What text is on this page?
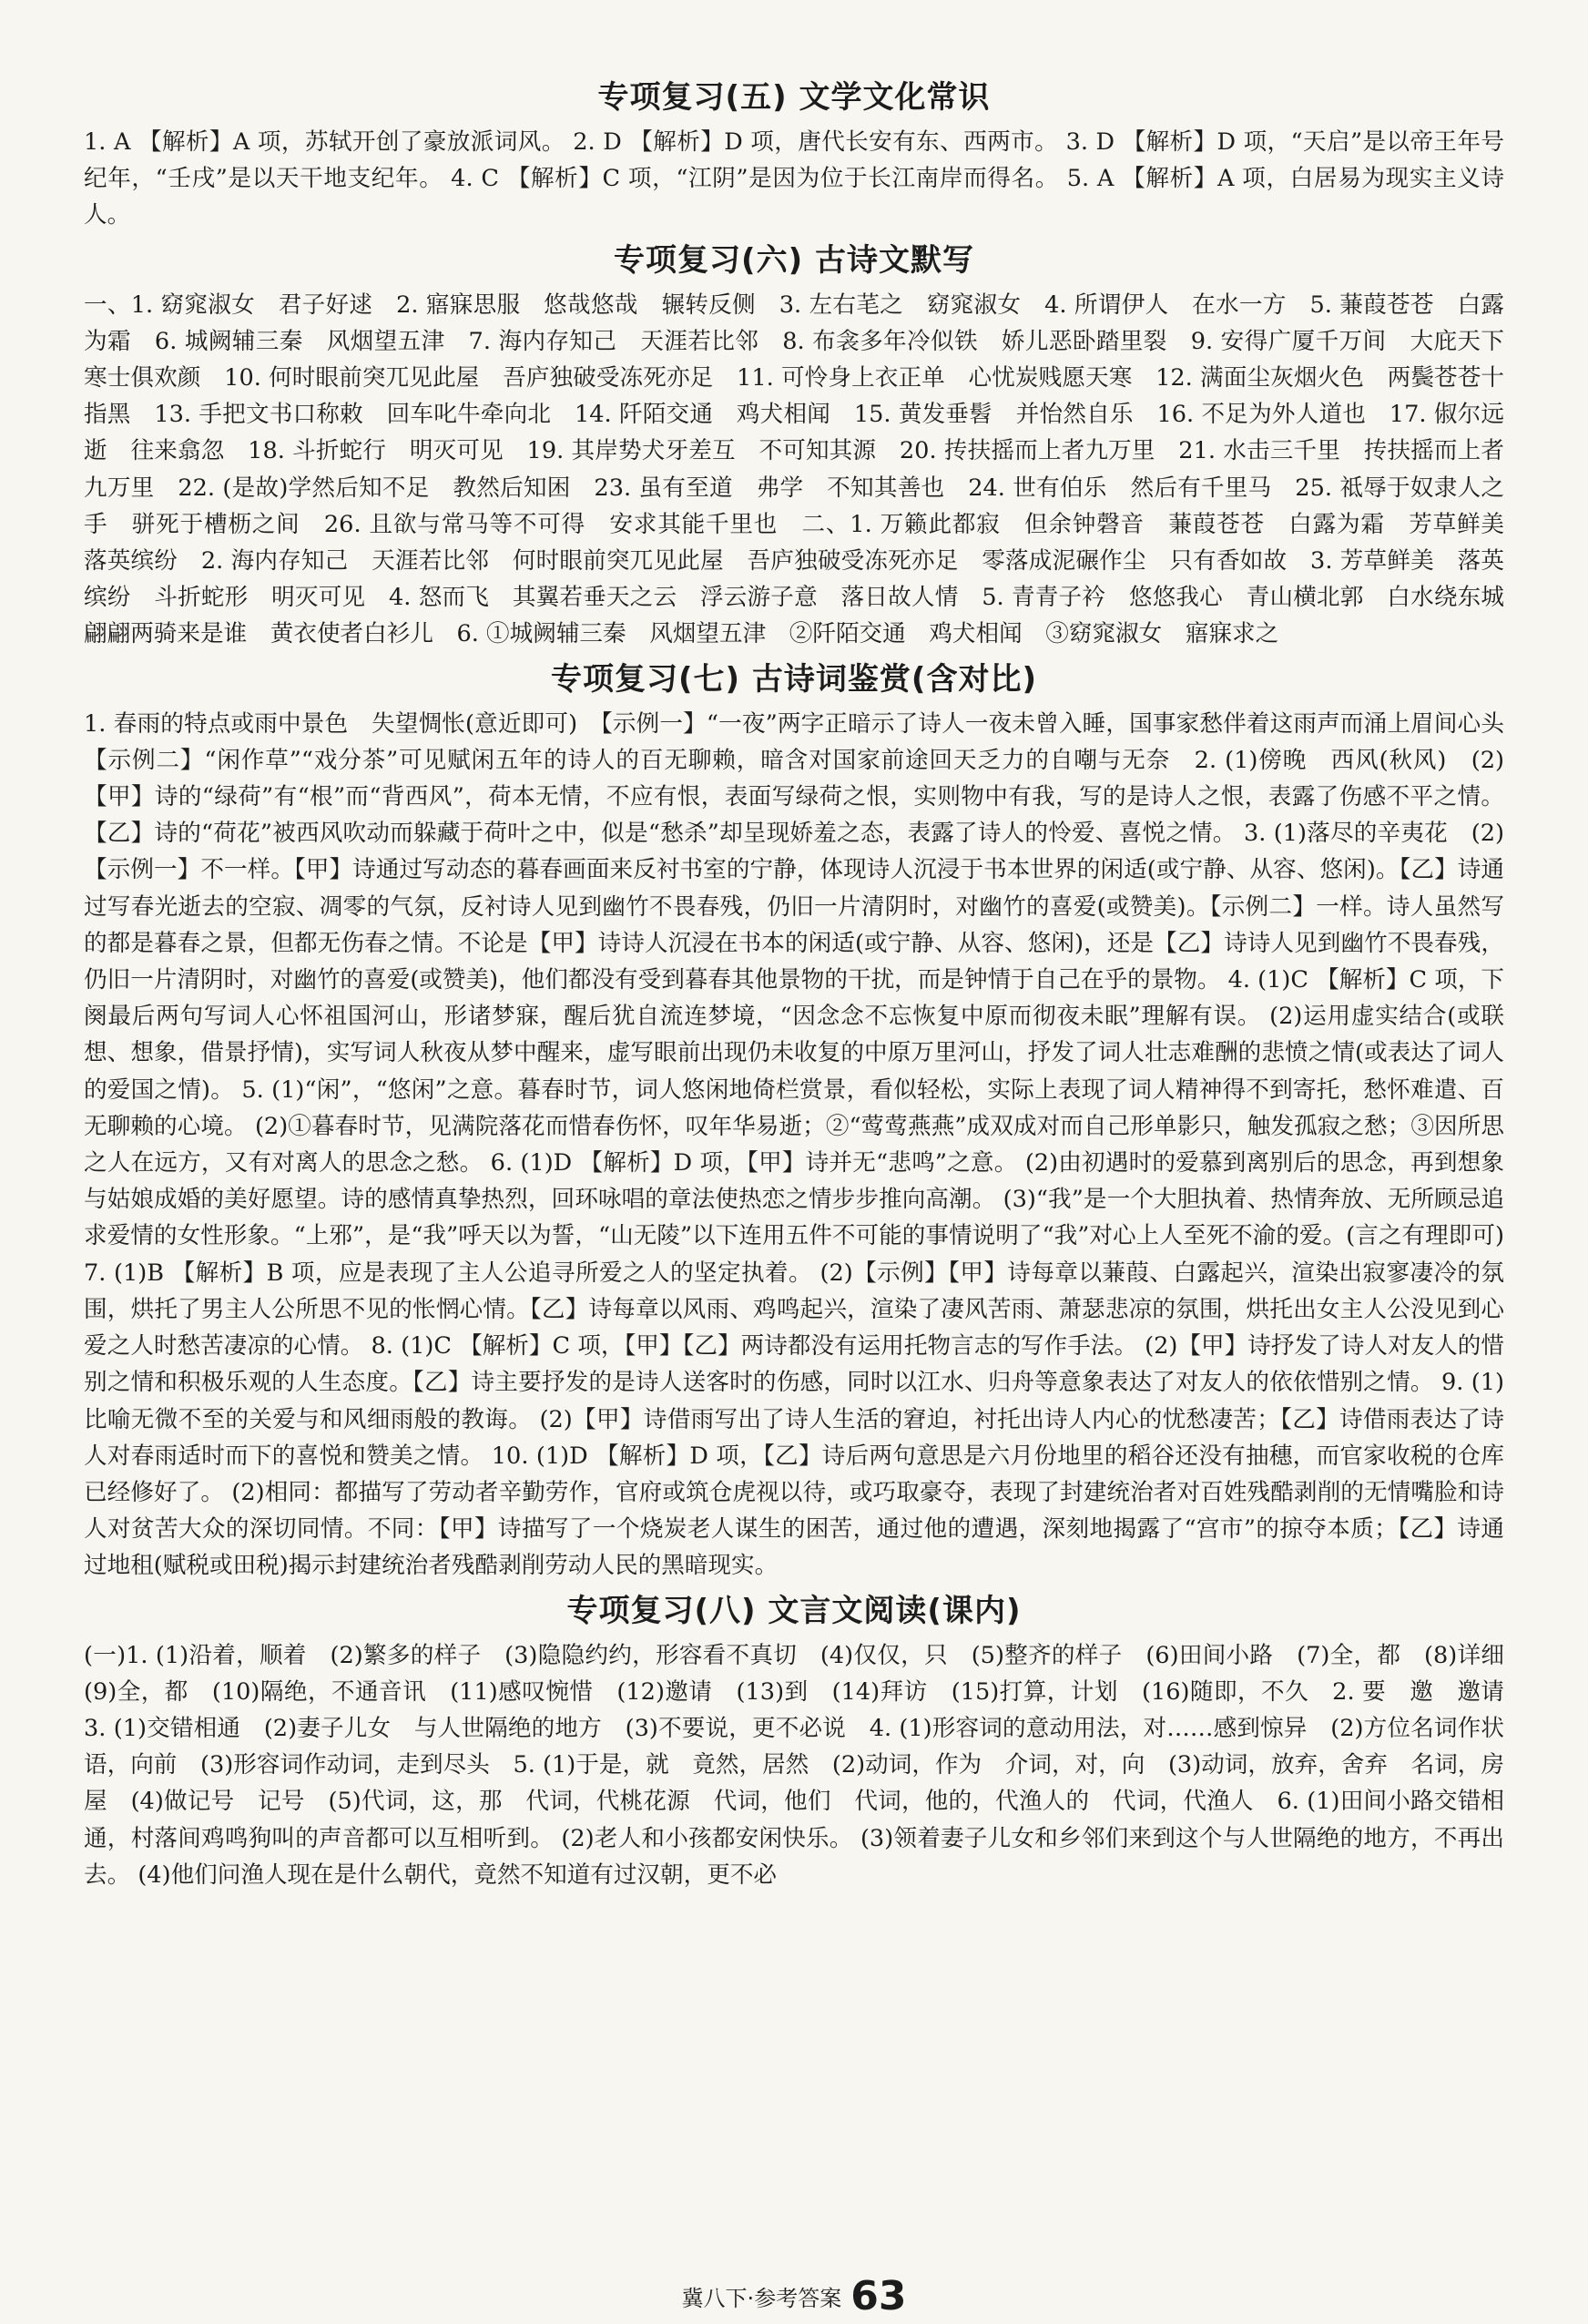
专项复习(五) 文学文化常识

1. A 【解析】A 项，苏轼开创了豪放派词风。 2. D 【解析】D 项，唐代长安有东、西两市。 3. D 【解析】D 项，“天启”是以帝王年号纪年，“壬戌”是以天干地支纪年。 4. C 【解析】C 项，“江阴”是因为位于长江南岸而得名。 5. A 【解析】A 项，白居易为现实主义诗人。

专项复习(六) 古诗文默写

一、1. 窈窕淑女　君子好逑　2. 寤寐思服　悠哉悠哉　辗转反侧　3. 左右芼之　窈窕淑女　4. 所谓伊人　在水一方　5. 蒹葭苍苍　白露为霜　6. 城阙辅三秦　风烟望五津　7. 海内存知己　天涯若比邻　8. 布衾多年冷似铁　娇儿恶卧踏里裂　9. 安得广厦千万间　大庇天下寒士俱欢颜　10. 何时眼前突兀见此屋　吾庐独破受冻死亦足　11. 可怜身上衣正单　心忧炭贱愿天寒　12. 满面尘灰烟火色　两鬓苍苍十指黑　13. 手把文书口称敕　回车叱牛牵向北　14. 阡陌交通　鸡犬相闻　15. 黄发垂髫　并怡然自乐　16. 不足为外人道也　17. 俶尔远逝　往来翕忽　18. 斗折蛇行　明灭可见　19. 其岸势犬牙差互　不可知其源　20. 抟扶摇而上者九万里　21. 水击三千里　抟扶摇而上者九万里　22. (是故)学然后知不足　教然后知困　23. 虽有至道　弗学　不知其善也　24. 世有伯乐　然后有千里马　25. 祗辱于奴隶人之手　骈死于槽枥之间　26. 且欲与常马等不可得　安求其能千里也　二、1. 万籁此都寂　但余钟磬音　蒹葭苍苍　白露为霜　芳草鲜美　落英缤纷　2. 海内存知己　天涯若比邻　何时眼前突兀见此屋　吾庐独破受冻死亦足　零落成泥碾作尘　只有香如故　3. 芳草鲜美　落英缤纷　斗折蛇形　明灭可见　4. 怒而飞　其翼若垂天之云　浮云游子意　落日故人情　5. 青青子衿　悠悠我心　青山横北郭　白水绕东城　翩翩两骑来是谁　黄衣使者白衫儿　6. ①城阙辅三秦　风烟望五津　②阡陌交通　鸡犬相闻　③窈窕淑女　寤寐求之

专项复习(七) 古诗词鉴赏(含对比)

1. 春雨的特点或雨中景色　失望惆怅(意近即可)　【示例一】“一夜”两字正暗示了诗人一夜未曾入睡，国事家愁伴着这雨声而涌上眉间心头　【示例二】“闲作草”“戏分茶”可见赋闲五年的诗人的百无聊赖，暗含对国家前途回天乏力的自嘲与无奈　2. (1)傍晚　西风(秋风)　(2)【甲】诗的“绿荷”有“根”而“背西风”，荷本无情，不应有恨，表面写绿荷之恨，实则物中有我，写的是诗人之恨，表露了伤感不平之情。【乙】诗的“荷花”被西风吹动而躲藏于荷叶之中，似是“愁杀”却呈现娇羞之态，表露了诗人的怜爱、喜悦之情。 3. (1)落尽的辛夷花　(2)【示例一】不一样。【甲】诗通过写动态的暮春画面来反衬书室的宁静，体现诗人沉浸于书本世界的闲适(或宁静、从容、悠闲)。【乙】诗通过写春光逝去的空寂、凋零的气氛，反衬诗人见到幽竹不畏春残，仍旧一片清阴时，对幽竹的喜爱(或赞美)。【示例二】一样。诗人虽然写的都是暮春之景，但都无伤春之情。不论是【甲】诗诗人沉浸在书本的闲适(或宁静、从容、悠闲)，还是【乙】诗诗人见到幽竹不畏春残，仍旧一片清阴时，对幽竹的喜爱(或赞美)，他们都没有受到暮春其他景物的干扰，而是钟情于自己在乎的景物。 4. (1)C 【解析】C 项，下阕最后两句写词人心怀祖国河山，形诸梦寐，醒后犹自流连梦境，“因念念不忘恢复中原而彻夜未眠”理解有误。 (2)运用虚实结合(或联想、想象，借景抒情)，实写词人秋夜从梦中醒来，虚写眼前出现仍未收复的中原万里河山，抒发了词人壮志难酬的悲愤之情(或表达了词人的爱国之情)。 5. (1)“闲”，“悠闲”之意。暮春时节，词人悠闲地倚栏赏景，看似轻松，实际上表现了词人精神得不到寄托，愁怀难遣、百无聊赖的心境。 (2)①暮春时节，见满院落花而惜春伤怀，叹年华易逝；②“莺莺燕燕”成双成对而自己形单影只，触发孤寂之愁；③因所思之人在远方，又有对离人的思念之愁。 6. (1)D 【解析】D 项，【甲】诗并无“悲鸣”之意。 (2)由初遇时的爱慕到离别后的思念，再到想象与姑娘成婚的美好愿望。诗的感情真挚热烈，回环咏唱的章法使热恋之情步步推向高潮。 (3)“我”是一个大胆执着、热情奔放、无所顾忌追求爱情的女性形象。“上邪”，是“我”呼天以为誓，“山无陵”以下连用五件不可能的事情说明了“我”对心上人至死不渝的爱。(言之有理即可) 7. (1)B 【解析】B 项，应是表现了主人公追寻所爱之人的坚定执着。 (2)【示例】【甲】诗每章以蒹葭、白露起兴，渲染出寂寥凄冷的氛围，烘托了男主人公所思不见的怅惘心情。【乙】诗每章以风雨、鸡鸣起兴，渲染了凄风苦雨、萧瑟悲凉的氛围，烘托出女主人公没见到心爱之人时愁苦凄凉的心情。 8. (1)C 【解析】C 项，【甲】【乙】两诗都没有运用托物言志的写作手法。 (2)【甲】诗抒发了诗人对友人的惜别之情和积极乐观的人生态度。【乙】诗主要抒发的是诗人送客时的伤感，同时以江水、归舟等意象表达了对友人的依依惜别之情。 9. (1)比喻无微不至的关爱与和风细雨般的教诲。 (2)【甲】诗借雨写出了诗人生活的窘迫，衬托出诗人内心的忧愁凄苦；【乙】诗借雨表达了诗人对春雨适时而下的喜悦和赞美之情。 10. (1)D 【解析】D 项，【乙】诗后两句意思是六月份地里的稻谷还没有抽穗，而官家收税的仓库已经修好了。 (2)相同：都描写了劳动者辛勤劳作，官府或筑仓虎视以待，或巧取豪夺，表现了封建统治者对百姓残酷剥削的无情嘴脸和诗人对贫苦大众的深切同情。不同：【甲】诗描写了一个烧炭老人谋生的困苦，通过他的遭遇，深刻地揭露了“宫市”的掠夺本质；【乙】诗通过地租(赋税或田税)揭示封建统治者残酷剥削劳动人民的黑暗现实。

专项复习(八) 文言文阅读(课内)

(一)1. (1)沿着，顺着　(2)繁多的样子　(3)隐隐约约，形容看不真切　(4)仅仅，只　(5)整齐的样子　(6)田间小路　(7)全，都　(8)详细　(9)全，都　(10)隔绝，不通音讯　(11)感叹惋惜　(12)邀请　(13)到　(14)拜访　(15)打算，计划　(16)随即，不久　2. 要　邀　邀请　3. (1)交错相通　(2)妻子儿女　与人世隔绝的地方　(3)不要说，更不必说　4. (1)形容词的意动用法，对……感到惊异　(2)方位名词作状语，向前　(3)形容词作动词，走到尽头　5. (1)于是，就　竟然，居然　(2)动词，作为　介词，对，向　(3)动词，放弃，舍弃　名词，房屋　(4)做记号　记号　(5)代词，这，那　代词，代桃花源　代词，他们　代词，他的，代渔人的　代词，代渔人　6. (1)田间小路交错相通，村落间鸡鸣狗叫的声音都可以互相听到。 (2)老人和小孩都安闲快乐。 (3)领着妻子儿女和乡邻们来到这个与人世隔绝的地方，不再出去。 (4)他们问渔人现在是什么朝代，竟然不知道有过汉朝，更不必

冀八下·参考答案 63
